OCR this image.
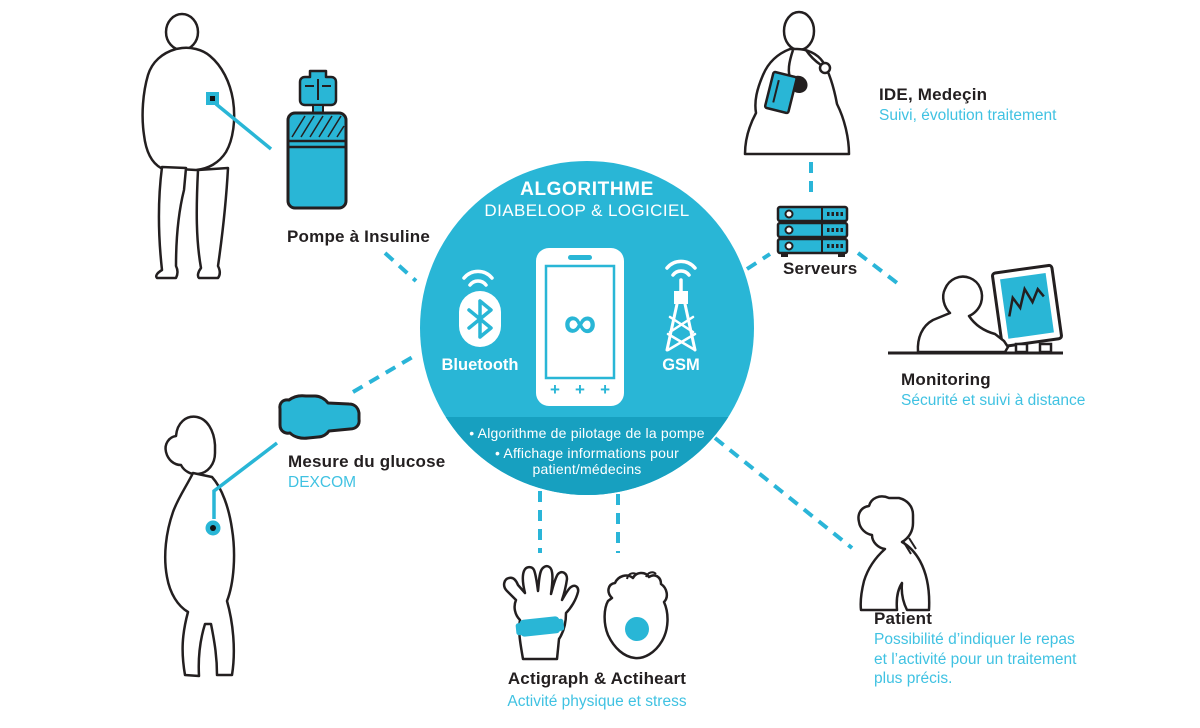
Pompe à Insuline
Mesure du glucose
DEXCOM
IDE, Medeçin
Suivi, évolution traitement
Serveurs
Monitoring
Sécurité et suivi à distance
Patient
Possibilité d’indiquer le repas
et l’activité pour un traitement
plus précis.
Actigraph & Actiheart
Activité physique et stress
ALGORITHME
DIABELOOP & LOGICIEL
Bluetooth	GSM
∞
+ + +
• Algorithme de pilotage de la pompe
• Affichage informations pour
patient/médecins
